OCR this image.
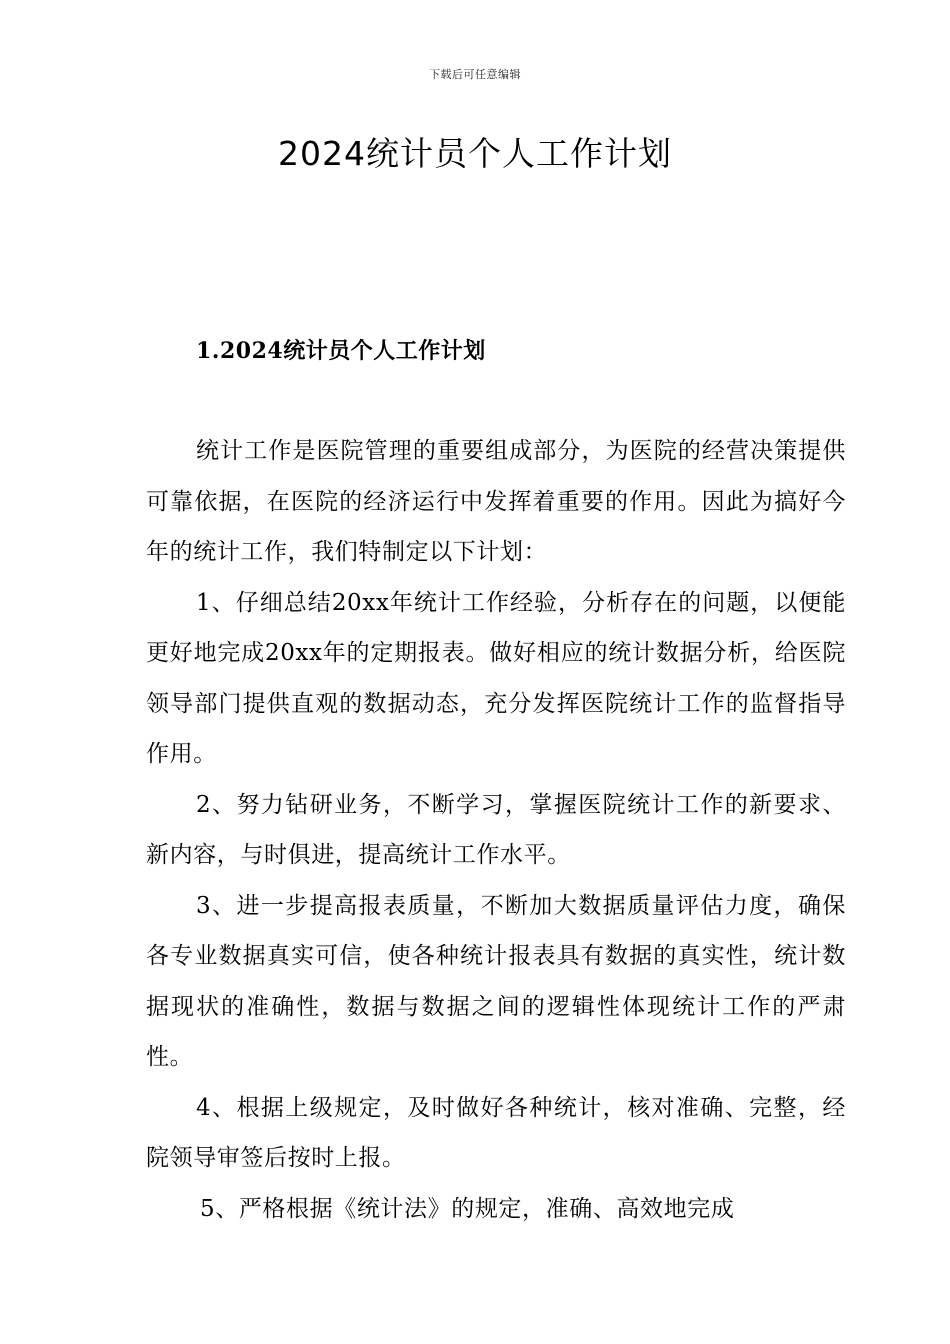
下载后可任意编辑
2024统计员个人工作计划
1.2024统计员个人工作计划

统计工作是医院管理的重要组成部分，为医院的经营决策提供可靠依据，在医院的经济运行中发挥着重要的作用。因此为搞好今年的统计工作，我们特制定以下计划：

1、仔细总结20xx年统计工作经验，分析存在的问题，以便能更好地完成20xx年的定期报表。做好相应的统计数据分析，给医院领导部门提供直观的数据动态，充分发挥医院统计工作的监督指导作用。

2、努力钻研业务，不断学习，掌握医院统计工作的新要求、新内容，与时俱进，提高统计工作水平。

3、进一步提高报表质量，不断加大数据质量评估力度，确保各专业数据真实可信，使各种统计报表具有数据的真实性，统计数据现状的准确性，数据与数据之间的逻辑性体现统计工作的严肃性。

4、根据上级规定，及时做好各种统计，核对准确、完整，经院领导审签后按时上报。

5、严格根据《统计法》的规定，准确、高效地完成
